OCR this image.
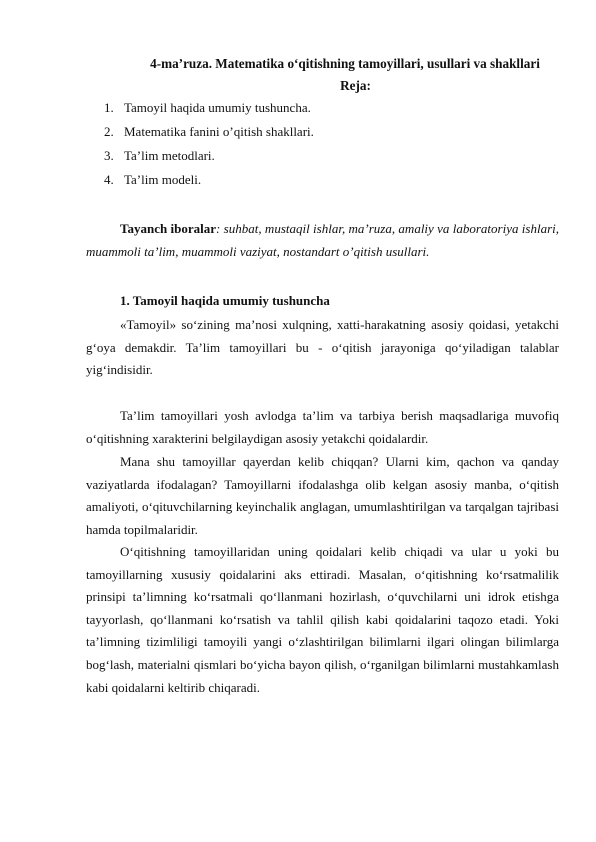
4-ma’ruza. Matematika o‘qitishning tamoyillari, usullari va shakllari
Reja:
1. Tamoyil haqida umumiy tushuncha.
2. Matematika fanini o’qitish shakllari.
3. Ta’lim metodlari.
4. Ta’lim modeli.

Tayanch iboralar: suhbat, mustaqil ishlar, ma’ruza, amaliy va laboratoriya ishlari, muammoli ta’lim, muammoli vaziyat, nostandart o’qitish usullari.

1. Tamoyil haqida umumiy tushuncha

«Tamoyil» so‘zining ma’nosi xulqning, xatti-harakatning asosiy qoidasi, yetakchi g‘oya demakdir. Ta’lim tamoyillari bu - o‘qitish jarayoniga qo‘yiladigan talablar yig‘indisidir.

Ta’lim tamoyillari yosh avlodga ta’lim va tarbiya berish maqsadlariga muvofiq o‘qitishning xarakterini belgilaydigan asosiy yetakchi qoidalardir.

Mana shu tamoyillar qayerdan kelib chiqqan? Ularni kim, qachon va qanday vaziyatlarda ifodalagan? Tamoyillarni ifodalashga olib kelgan asosiy manba, o‘qitish amaliyoti, o‘qituvchilarning keyinchalik anglagan, umumlashtirilgan va tarqalgan tajribasi hamda topilmalaridir.

O‘qitishning tamoyillaridan uning qoidalari kelib chiqadi va ular u yoki bu tamoyillarning xususiy qoidalarini aks ettiradi. Masalan, o‘qitishning ko‘rsatmalilik prinsipi ta’limning ko‘rsatmali qo‘llanmani hozirlash, o‘quvchilarni uni idrok etishga tayyorlash, qo‘llanmani ko‘rsatish va tahlil qilish kabi qoidalarini taqozo etadi. Yoki ta’limning tizimliligi tamoyili yangi o‘zlashtirilgan bilimlarni ilgari olingan bilimlarga bog‘lash, materialni qismlari bo‘yicha bayon qilish, o‘rganilgan bilimlarni mustahkamlash kabi qoidalarni keltirib chiqaradi.
